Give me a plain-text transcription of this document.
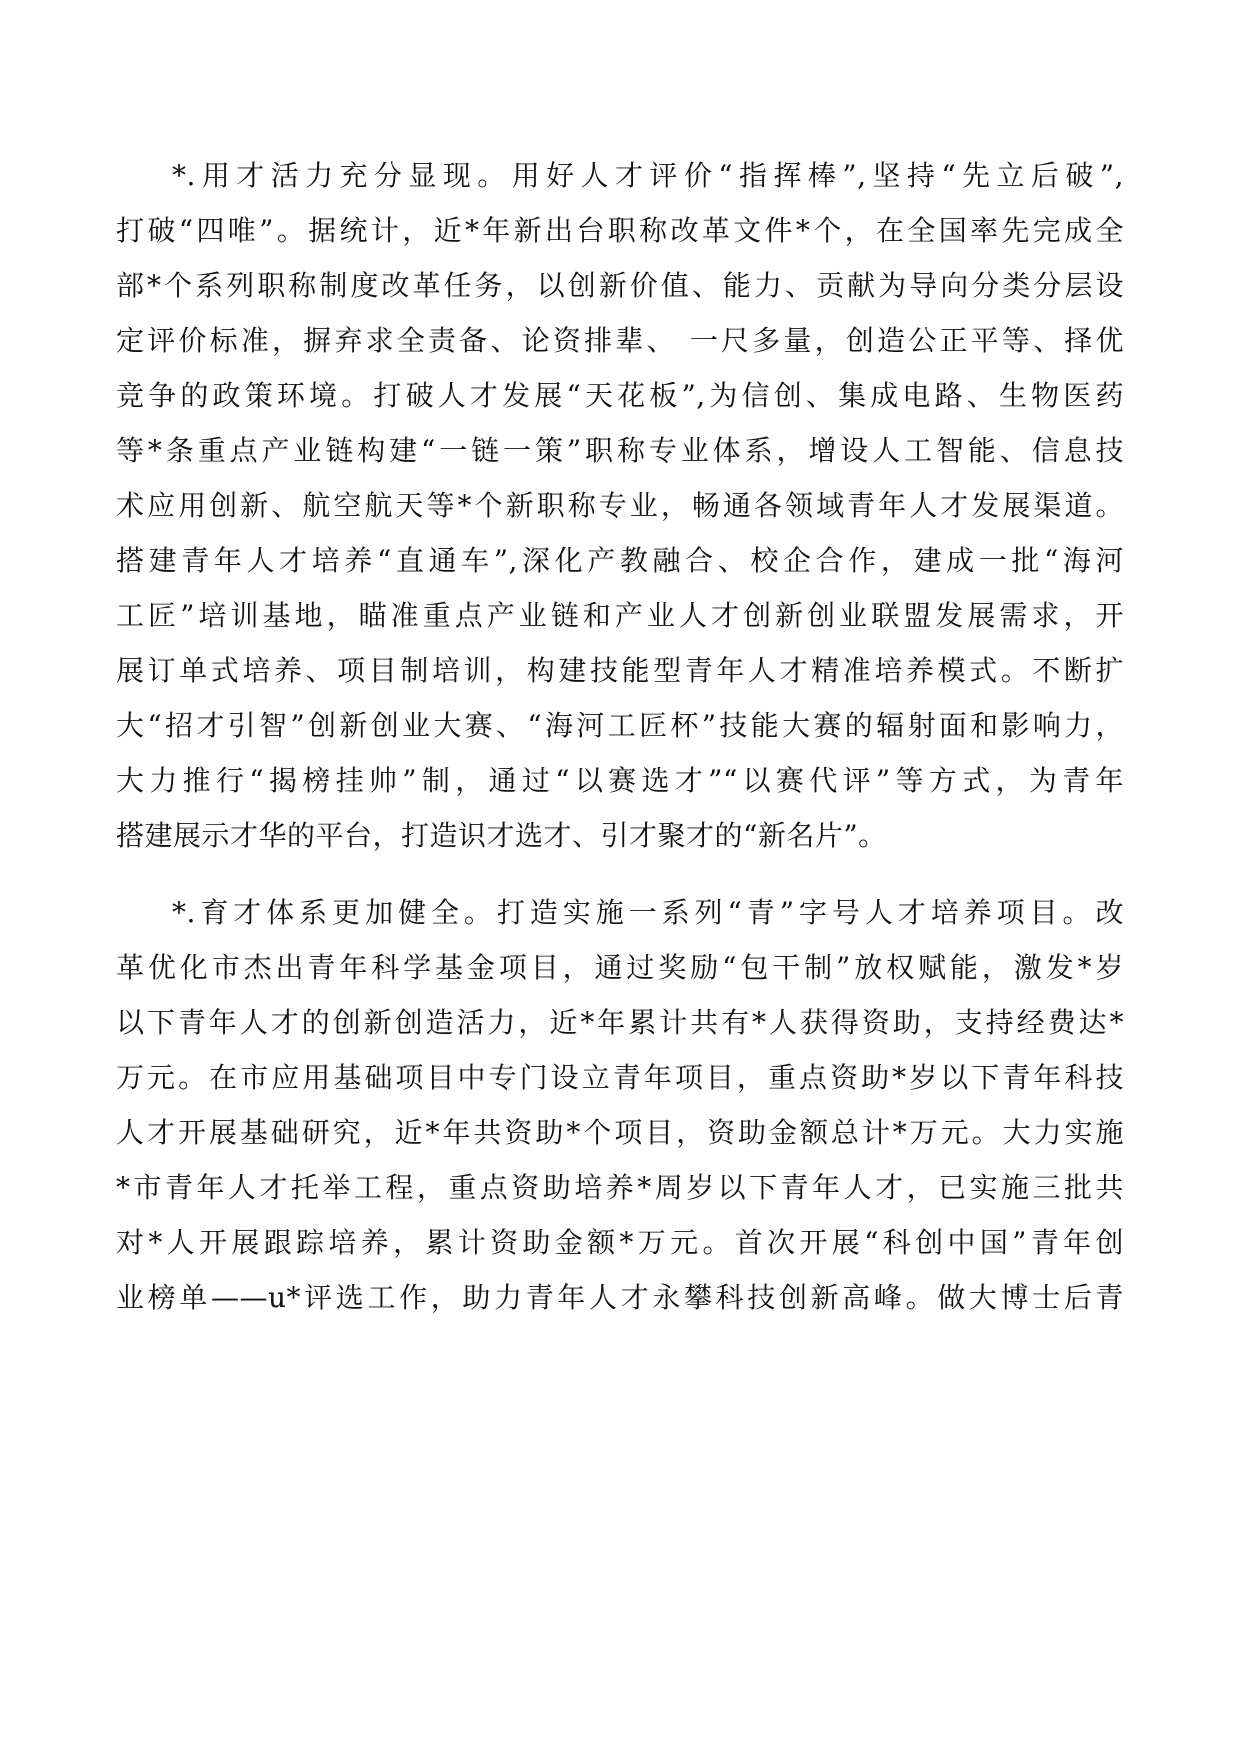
*.用才活力充分显现。用好人才评价“指挥棒”,坚持“先立后破”,
打破“四唯”。据统计，近*年新出台职称改革文件*个，在全国率先完成全
部*个系列职称制度改革任务，以创新价值、能力、贡献为导向分类分层设
定评价标准，摒弃求全责备、论资排辈、 一尺多量，创造公正平等、择优
竞争的政策环境。打破人才发展“天花板”,为信创、集成电路、生物医药
等*条重点产业链构建“一链一策”职称专业体系，增设人工智能、信息技
术应用创新、航空航天等*个新职称专业，畅通各领域青年人才发展渠道。
搭建青年人才培养“直通车”,深化产教融合、校企合作，建成一批“海河
工匠”培训基地，瞄准重点产业链和产业人才创新创业联盟发展需求，开
展订单式培养、项目制培训，构建技能型青年人才精准培养模式。不断扩
大“招才引智”创新创业大赛、“海河工匠杯”技能大赛的辐射面和影响力，
大力推行“揭榜挂帅”制，通过“以赛选才”“以赛代评”等方式，为青年
搭建展示才华的平台，打造识才选才、引才聚才的“新名片”。

*.育才体系更加健全。打造实施一系列“青”字号人才培养项目。改
革优化市杰出青年科学基金项目，通过奖励“包干制”放权赋能，激发*岁
以下青年人才的创新创造活力，近*年累计共有*人获得资助，支持经费达*
万元。在市应用基础项目中专门设立青年项目，重点资助*岁以下青年科技
人才开展基础研究，近*年共资助*个项目，资助金额总计*万元。大力实施
*市青年人才托举工程，重点资助培养*周岁以下青年人才，已实施三批共
对*人开展跟踪培养，累计资助金额*万元。首次开展“科创中国”青年创
业榜单——u*评选工作，助力青年人才永攀科技创新高峰。做大博士后青
